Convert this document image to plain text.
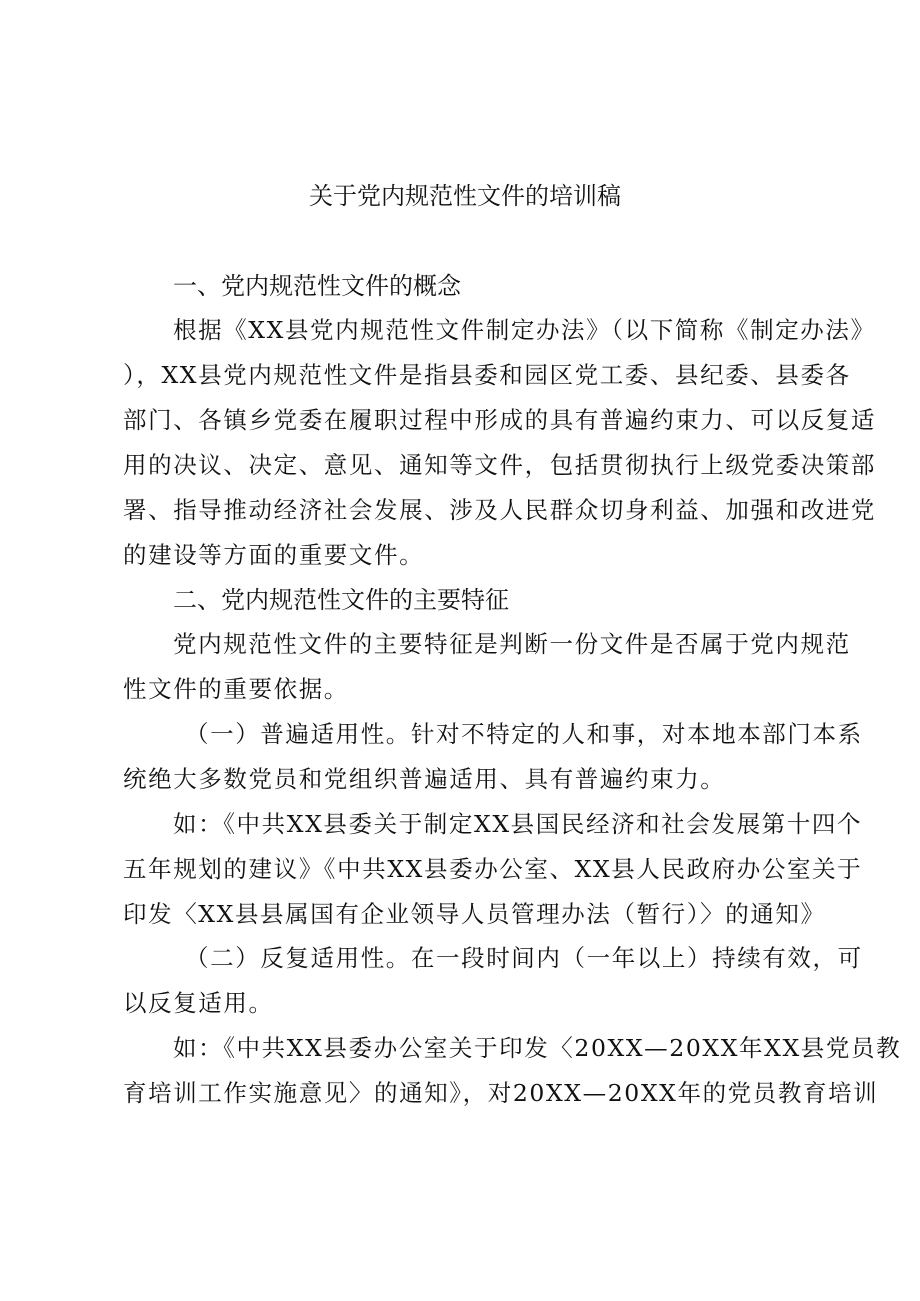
关于党内规范性文件的培训稿
一、党内规范性文件的概念
根据《XX县党内规范性文件制定办法》（以下简称《制定办法》
），XX县党内规范性文件是指县委和园区党工委、县纪委、县委各
部门、各镇乡党委在履职过程中形成的具有普遍约束力、可以反复适
用的决议、决定、意见、通知等文件，包括贯彻执行上级党委决策部
署、指导推动经济社会发展、涉及人民群众切身利益、加强和改进党
的建设等方面的重要文件。
二、党内规范性文件的主要特征
党内规范性文件的主要特征是判断一份文件是否属于党内规范
性文件的重要依据。
（一）普遍适用性。针对不特定的人和事，对本地本部门本系
统绝大多数党员和党组织普遍适用、具有普遍约束力。
如：《中共XX县委关于制定XX县国民经济和社会发展第十四个
五年规划的建议》《中共XX县委办公室、XX县人民政府办公室关于
印发〈XX县县属国有企业领导人员管理办法（暂行）〉的通知》
（二）反复适用性。在一段时间内（一年以上）持续有效，可
以反复适用。
如：《中共XX县委办公室关于印发〈20XX—20XX年XX县党员教
育培训工作实施意见〉的通知》，对20XX—20XX年的党员教育培训
